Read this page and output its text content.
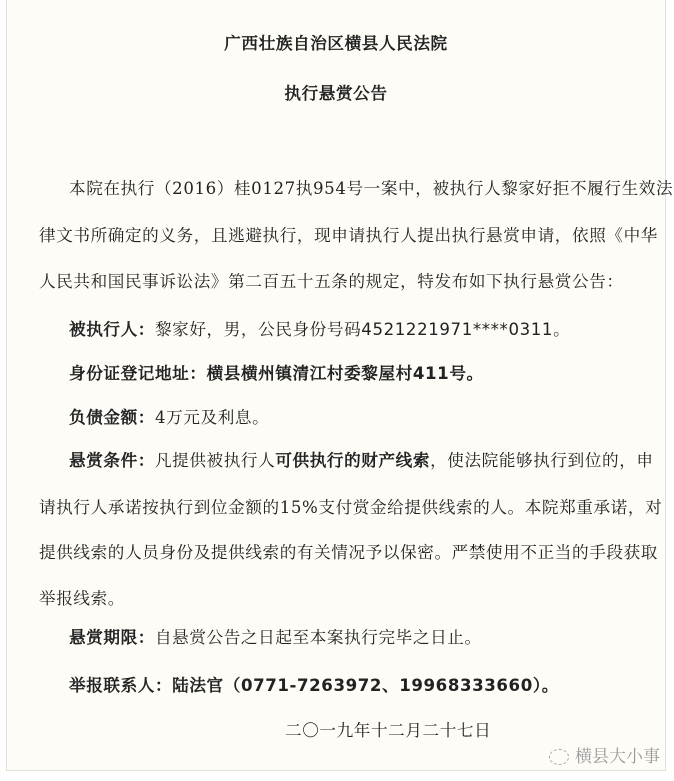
广西壮族自治区横县人民法院
执行悬赏公告
本院在执行（2016）桂0127执954号一案中，被执行人黎家好拒不履行生效法
律文书所确定的义务，且逃避执行，现申请执行人提出执行悬赏申请，依照《中华
人民共和国民事诉讼法》第二百五十五条的规定，特发布如下执行悬赏公告：
被执行人：黎家好，男，公民身份号码4521221971****0311。
身份证登记地址：横县横州镇清江村委黎屋村411号。
负债金额：4万元及利息。
悬赏条件：凡提供被执行人可供执行的财产线索，使法院能够执行到位的，申
请执行人承诺按执行到位金额的15%支付赏金给提供线索的人。本院郑重承诺，对
提供线索的人员身份及提供线索的有关情况予以保密。严禁使用不正当的手段获取
举报线索。
悬赏期限：自悬赏公告之日起至本案执行完毕之日止。
举报联系人：陆法官（0771-7263972、19968333660）。
二〇一九年十二月二十七日
横县大小事
